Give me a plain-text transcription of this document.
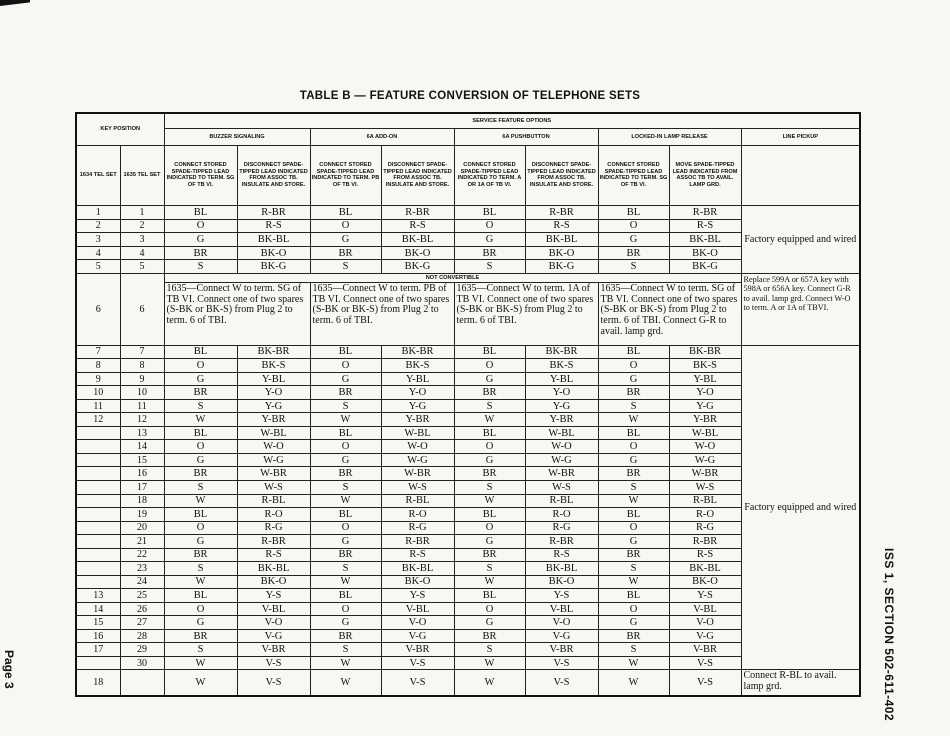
TABLE B — FEATURE CONVERSION OF TELEPHONE SETS
KEY POSITION		SERVICE FEATURE OPTIONS								
		BUZZER SIGNALING		6A ADD-ON		6A PUSHBUTTON		LOCKED-IN LAMP RELEASE		LINE PICKUP
1634 TEL SET	1635 TEL SET	CONNECT STORED SPADE-TIPPED LEAD INDICATED TO TERM. SG OF TB VI.	DISCONNECT SPADE-TIPPED LEAD INDICATED FROM ASSOC TB. INSULATE AND STORE.	CONNECT STORED SPADE-TIPPED LEAD INDICATED TO TERM. PB OF TB VI.	DISCONNECT SPADE-TIPPED LEAD INDICATED FROM ASSOC TB. INSULATE AND STORE.	CONNECT STORED SPADE-TIPPED LEAD INDICATED TO TERM. A OR 1A OF TB VI.	DISCONNECT SPADE-TIPPED LEAD INDICATED FROM ASSOC TB. INSULATE AND STORE.	CONNECT STORED SPADE-TIPPED LEAD INDICATED TO TERM. SG OF TB VI.	MOVE SPADE-TIPPED LEAD INDICATED FROM ASSOC TB TO AVAIL. LAMP GRD.	
1	1	BL	R-BR	BL	R-BR	BL	R-BR	BL	R-BR	Factory equipped and wired
2	2	O	R-S	O	R-S	O	R-S	O	R-S	
3	3	G	BK-BL	G	BK-BL	G	BK-BL	G	BK-BL	
4	4	BR	BK-O	BR	BK-O	BR	BK-O	BR	BK-O	
5	5	S	BK-G	S	BK-G	S	BK-G	S	BK-G	
6	6	NOT CONVERTIBLE								Replace 599A or 657A key with 598A or 656A key. Connect G-R to avail. lamp grd. Connect W-O to term. A or 1A of TBVI.
		1635—Connect W to term. SG of TB VI. Connect one of two spares (S-BK or BK-S) from Plug 2 to term. 6 of TBI.		1635—Connect W to term. PB of TB VI. Connect one of two spares (S-BK or BK-S) from Plug 2 to term. 6 of TBI.		1635—Connect W to term. 1A of TB VI. Connect one of two spares (S-BK or BK-S) from Plug 2 to term. 6 of TBI.		1635—Connect W to term. SG of TB VI. Connect one of two spares (S-BK or BK-S) from Plug 2 to term. 6 of TBI. Connect G-R to avail. lamp grd.		
7	7	BL	BK-BR	BL	BK-BR	BL	BK-BR	BL	BK-BR	Factory equipped and wired
8	8	O	BK-S	O	BK-S	O	BK-S	O	BK-S	
9	9	G	Y-BL	G	Y-BL	G	Y-BL	G	Y-BL	
10	10	BR	Y-O	BR	Y-O	BR	Y-O	BR	Y-O	
11	11	S	Y-G	S	Y-G	S	Y-G	S	Y-G	
12	12	W	Y-BR	W	Y-BR	W	Y-BR	W	Y-BR	
	13	BL	W-BL	BL	W-BL	BL	W-BL	BL	W-BL	
	14	O	W-O	O	W-O	O	W-O	O	W-O	
	15	G	W-G	G	W-G	G	W-G	G	W-G	
	16	BR	W-BR	BR	W-BR	BR	W-BR	BR	W-BR	
	17	S	W-S	S	W-S	S	W-S	S	W-S	
	18	W	R-BL	W	R-BL	W	R-BL	W	R-BL	
	19	BL	R-O	BL	R-O	BL	R-O	BL	R-O	
	20	O	R-G	O	R-G	O	R-G	O	R-G	
	21	G	R-BR	G	R-BR	G	R-BR	G	R-BR	
	22	BR	R-S	BR	R-S	BR	R-S	BR	R-S	
	23	S	BK-BL	S	BK-BL	S	BK-BL	S	BK-BL	
	24	W	BK-O	W	BK-O	W	BK-O	W	BK-O	
13	25	BL	Y-S	BL	Y-S	BL	Y-S	BL	Y-S	
14	26	O	V-BL	O	V-BL	O	V-BL	O	V-BL	
15	27	G	V-O	G	V-O	G	V-O	G	V-O	
16	28	BR	V-G	BR	V-G	BR	V-G	BR	V-G	
17	29	S	V-BR	S	V-BR	S	V-BR	S	V-BR	
	30	W	V-S	W	V-S	W	V-S	W	V-S	
18		W	V-S	W	V-S	W	V-S	W	V-S	Connect R-BL to avail. lamp grd.
Page 3	ISS 1, SECTION 502-611-402
